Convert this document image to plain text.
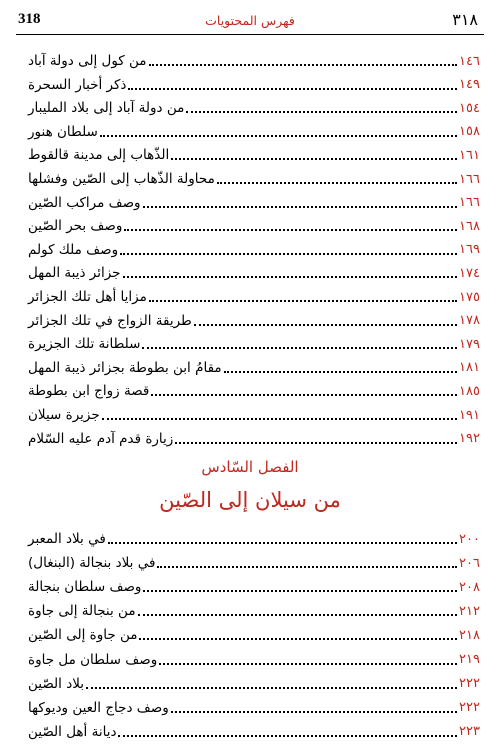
318	فهرس المحتويات	٣١٨
من كول إلى دولة آباد	١٤٦
ذكر أخبار السحرة	١٤٩
من دولة آباد إلى بلاد المليبار	١٥٤
سلطان هنور	١٥٨
الذّهاب إلى مدينة قالقوط	١٦١
محاولة الذّهاب إلى الصّين وفشلها	١٦٦
وصف مراكب الصّين	١٦٦
وصف بحر الصّين	١٦٨
وصف ملك كولم	١٦٩
جزائر ذيبة المهل	١٧٤
مزايا أهل تلك الجزائر	١٧٥
طريقة الزواج في تلك الجزائر	١٧٨
سلطانة تلك الجزيرة	١٧٩
مقامُ ابن بطوطة بجزائر ذيبة المهل	١٨١
قصة زواج ابن بطوطة	١٨٥
جزيرة سيلان	١٩١
زيارة قدم آدم عليه السّلام	١٩٢
الفصل السّادس
من سيلان إلى الصّين
في بلاد المعبر	٢٠٠
في بلاد بنجالة (البنغال)	٢٠٦
وصف سلطان بنجالة	٢٠٨
من بنجالة إلى جاوة	٢١٢
من جاوة إلى الصّين	٢١٨
وصف سلطان مل جاوة	٢١٩
بلاد الصّين	٢٢٢
وصف دجاج العين وديوكها	٢٢٢
ديانة أهل الصّين	٢٢٣
